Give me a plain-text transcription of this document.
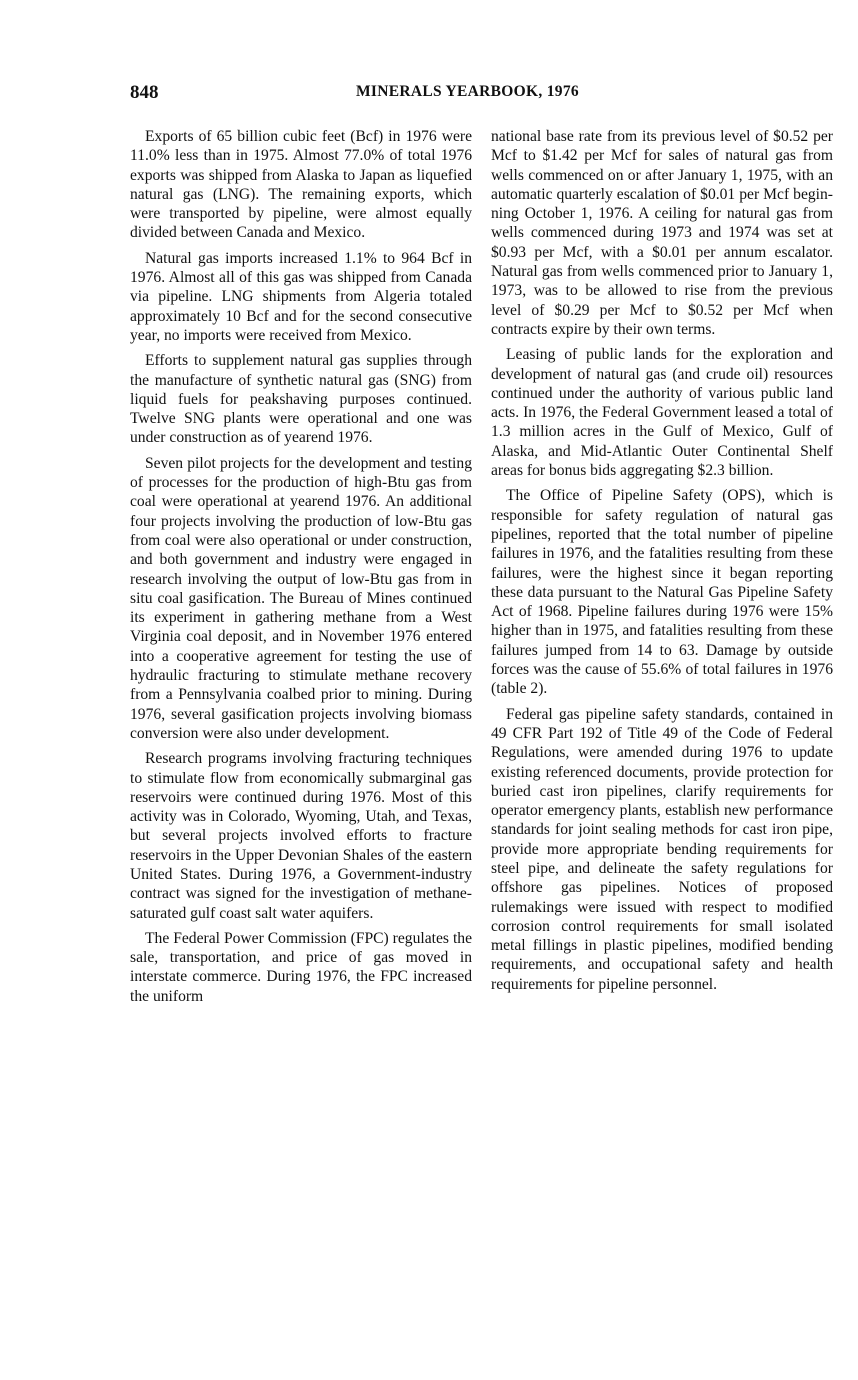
848	MINERALS YEARBOOK, 1976

Exports of 65 billion cubic feet (Bcf) in 1976 were 11.0% less than in 1975. Almost 77.0% of total 1976 exports was shipped from Alaska to Japan as liquefied natural gas (LNG). The remaining exports, which were transported by pipeline, were almost equally divided between Canada and Mexico.

Natural gas imports increased 1.1% to 964 Bcf in 1976. Almost all of this gas was shipped from Canada via pipeline. LNG shipments from Algeria totaled approximately 10 Bcf and for the second consecutive year, no imports were received from Mexico.

Efforts to supplement natural gas supplies through the manufacture of synthetic natural gas (SNG) from liquid fuels for peakshaving purposes continued. Twelve SNG plants were operational and one was under construction as of yearend 1976.

Seven pilot projects for the development and testing of processes for the production of high-Btu gas from coal were operational at yearend 1976. An additional four projects involving the production of low-Btu gas from coal were also operational or under construction, and both government and industry were engaged in research involving the output of low-Btu gas from in situ coal gasification. The Bureau of Mines continued its experiment in gathering methane from a West Virginia coal deposit, and in November 1976 entered into a cooperative agreement for testing the use of hydraulic fracturing to stimulate methane recovery from a Pennsylvania coalbed prior to mining. During 1976, several gasification projects involving biomass conversion were also under development.

Research programs involving fracturing techniques to stimulate flow from economically submarginal gas reservoirs were continued during 1976. Most of this activity was in Colorado, Wyoming, Utah, and Texas, but several projects involved efforts to fracture reservoirs in the Upper Devonian Shales of the eastern United States. During 1976, a Government-industry contract was signed for the investigation of methane-saturated gulf coast salt water aquifers.

The Federal Power Commission (FPC) regulates the sale, transportation, and price of gas moved in interstate commerce. During 1976, the FPC increased the uniform

national base rate from its previous level of $0.52 per Mcf to $1.42 per Mcf for sales of natural gas from wells commenced on or after January 1, 1975, with an automatic quarterly escalation of $0.01 per Mcf beginning October 1, 1976. A ceiling for natural gas from wells commenced during 1973 and 1974 was set at $0.93 per Mcf, with a $0.01 per annum escalator. Natural gas from wells commenced prior to January 1, 1973, was to be allowed to rise from the previous level of $0.29 per Mcf to $0.52 per Mcf when contracts expire by their own terms.

Leasing of public lands for the exploration and development of natural gas (and crude oil) resources continued under the authority of various public land acts. In 1976, the Federal Government leased a total of 1.3 million acres in the Gulf of Mexico, Gulf of Alaska, and Mid-Atlantic Outer Continental Shelf areas for bonus bids aggregating $2.3 billion.

The Office of Pipeline Safety (OPS), which is responsible for safety regulation of natural gas pipelines, reported that the total number of pipeline failures in 1976, and the fatalities resulting from these failures, were the highest since it began reporting these data pursuant to the Natural Gas Pipeline Safety Act of 1968. Pipeline failures during 1976 were 15% higher than in 1975, and fatalities resulting from these failures jumped from 14 to 63. Damage by outside forces was the cause of 55.6% of total failures in 1976 (table 2).

Federal gas pipeline safety standards, contained in 49 CFR Part 192 of Title 49 of the Code of Federal Regulations, were amended during 1976 to update existing referenced documents, provide protection for buried cast iron pipelines, clarify requirements for operator emergency plants, establish new performance standards for joint sealing methods for cast iron pipe, provide more appropriate bending requirements for steel pipe, and delineate the safety regulations for offshore gas pipelines. Notices of proposed rulemakings were issued with respect to modified corrosion control requirements for small isolated metal fillings in plastic pipelines, modified bending requirements, and occupational safety and health requirements for pipeline personnel.
